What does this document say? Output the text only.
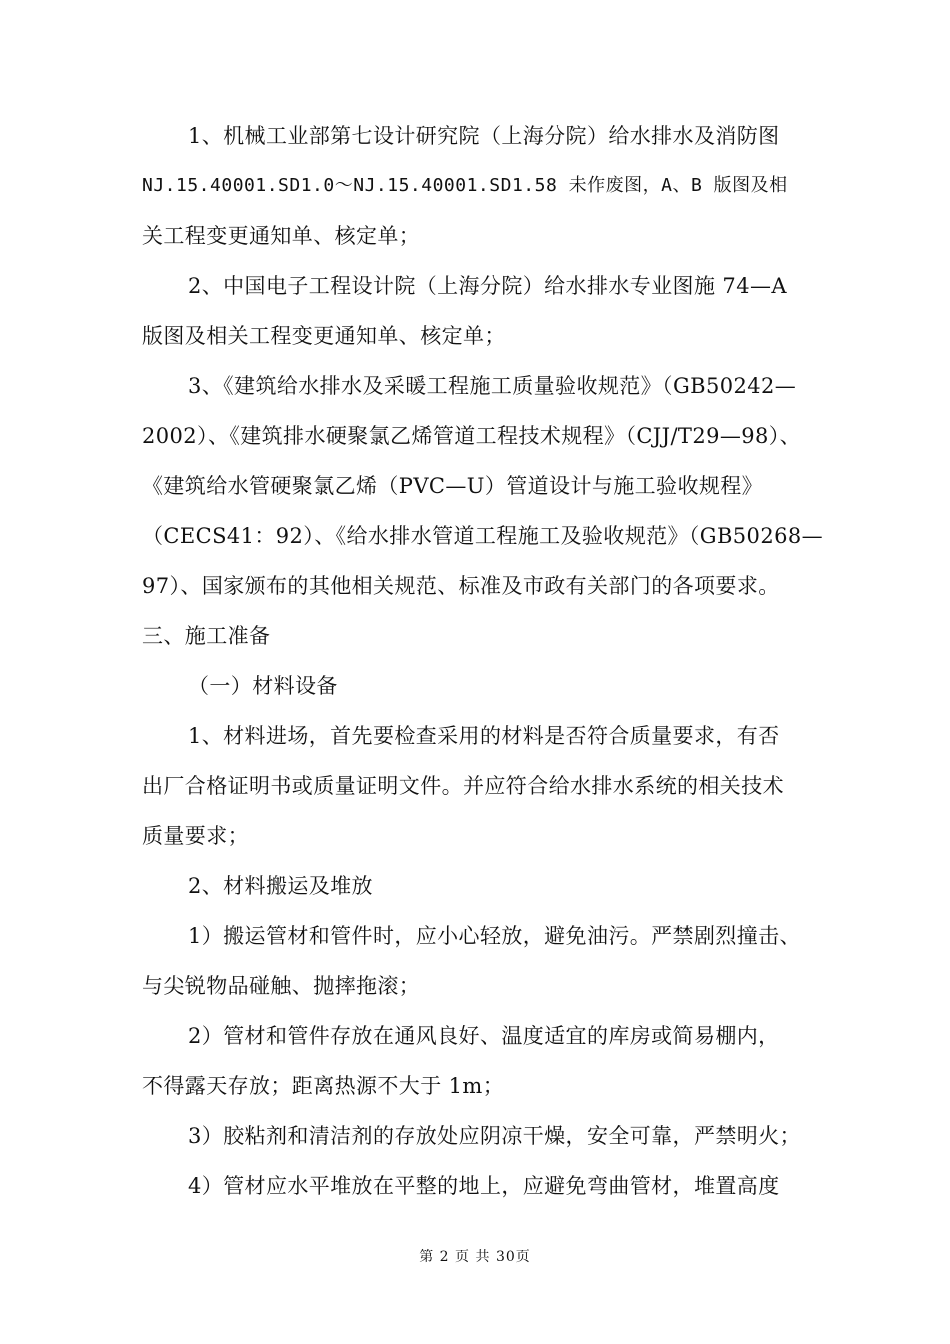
1、机械工业部第七设计研究院（上海分院）给水排水及消防图
NJ.15.40001.SD1.0～NJ.15.40001.SD1.58 未作废图，A、B 版图及相
关工程变更通知单、核定单；
2、中国电子工程设计院（上海分院）给水排水专业图施 74—A
版图及相关工程变更通知单、核定单；
3、《建筑给水排水及采暖工程施工质量验收规范》（GB50242—
2002）、《建筑排水硬聚氯乙烯管道工程技术规程》（CJJ/T29—98）、
《建筑给水管硬聚氯乙烯（PVC—U）管道设计与施工验收规程》
（CECS41：92）、《给水排水管道工程施工及验收规范》（GB50268—
97）、国家颁布的其他相关规范、标准及市政有关部门的各项要求。
三、施工准备
（一）材料设备
1、材料进场，首先要检查采用的材料是否符合质量要求，有否
出厂合格证明书或质量证明文件。并应符合给水排水系统的相关技术
质量要求；
2、材料搬运及堆放
1）搬运管材和管件时，应小心轻放，避免油污。严禁剧烈撞击、
与尖锐物品碰触、抛摔拖滚；
2）管材和管件存放在通风良好、温度适宜的库房或简易棚内，
不得露天存放；距离热源不大于 1m；
3）胶粘剂和清洁剂的存放处应阴凉干燥，安全可靠，严禁明火；
4）管材应水平堆放在平整的地上，应避免弯曲管材，堆置高度
第 2 页 共 30页
